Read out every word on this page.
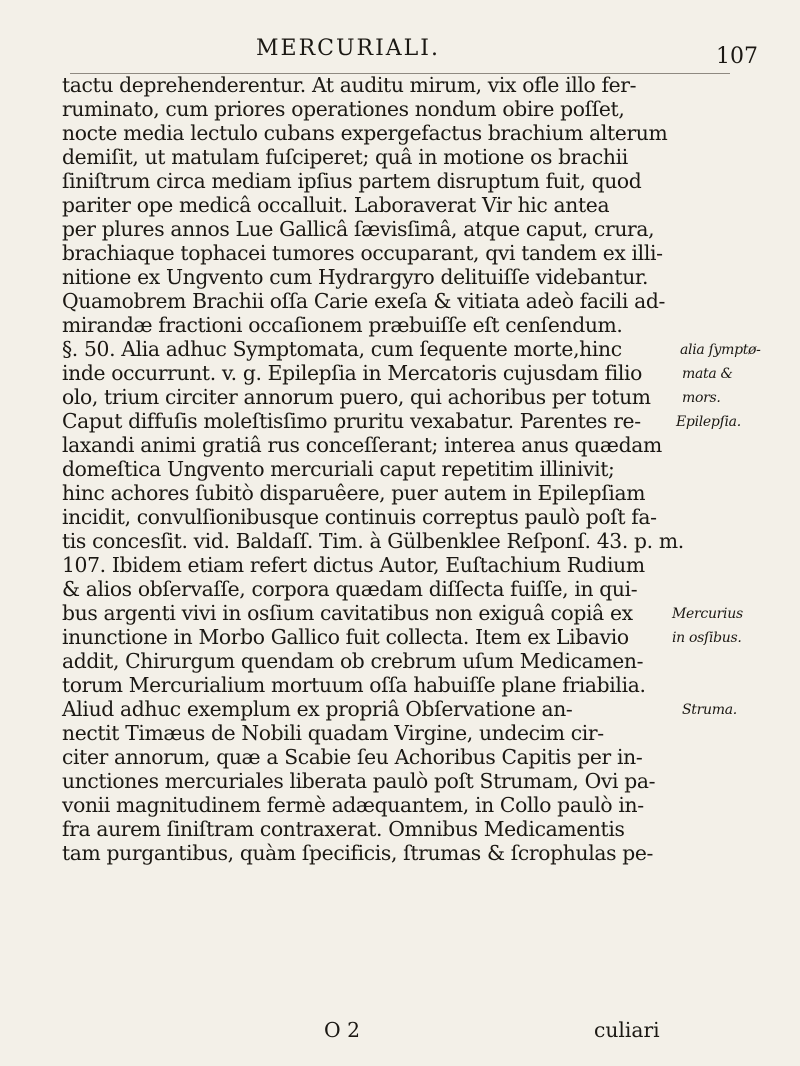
MERCURIALI.	107
tactu deprehenderentur. At auditu mirum, vix ofle illo fer-
ruminato, cum priores operationes nondum obire poſſet,
nocte media lectulo cubans expergefactus brachium alterum
demiſit, ut matulam fuſciperet; quâ in motione os brachii
ſiniſtrum circa mediam ipſius partem disruptum fuit, quod
pariter ope medicâ occalluit. Laboraverat Vir hic antea
per plures annos Lue Gallicâ ſævisſimâ, atque caput, crura,
brachiaque tophacei tumores occuparant, qvi tandem ex illi-
nitione ex Ungvento cum Hydrargyro delituiſſe videbantur.
Quamobrem Brachii oſſa Carie exeſa & vitiata adeò facili ad-
mirandæ fractioni occaſionem præbuiſſe eſt cenſendum.
§. 50. Alia adhuc Symptomata, cum ſequente morte,hinc
inde occurrunt. v. g. Epilepſia in Mercatoris cujusdam filio
olo, trium circiter annorum puero, qui achoribus per totum
Caput diffuſis moleſtisſimo pruritu vexabatur. Parentes re-
laxandi animi gratiâ rus conceſſerant; interea anus quædam
domeſtica Ungvento mercuriali caput repetitim illinivit;
hinc achores ſubitò disparuêere, puer autem in Epilepſiam
incidit, convulſionibusque continuis correptus paulò poſt fa-
tis concesſit. vid. Baldaſſ. Tim. à Gülbenklee Reſponſ. 43. p. m.
107. Ibidem etiam refert dictus Autor, Euſtachium Rudium
& alios obſervaſſe, corpora quædam diſſecta fuiſſe, in qui-
bus argenti vivi in osſium cavitatibus non exiguâ copiâ ex
inunctione in Morbo Gallico fuit collecta. Item ex Libavio
addit, Chirurgum quendam ob crebrum uſum Medicamen-
torum Mercurialium mortuum oſſa habuiſſe plane friabilia.
Aliud adhuc exemplum ex propriâ Obſervatione an-
nectit Timæus de Nobili quadam Virgine, undecim cir-
citer annorum, quæ a Scabie ſeu Achoribus Capitis per in-
unctiones mercuriales liberata paulò poſt Strumam, Ovi pa-
vonii magnitudinem fermè adæquantem, in Collo paulò in-
fra aurem ſiniſtram contraxerat. Omnibus Medicamentis
tam purgantibus, quàm ſpecificis, ſtrumas & ſcrophulas pe-
alia ſymptø-
mata &
mors.
Epilepſia.
Mercurius
in osſibus.
Struma.
O 2	culiari
